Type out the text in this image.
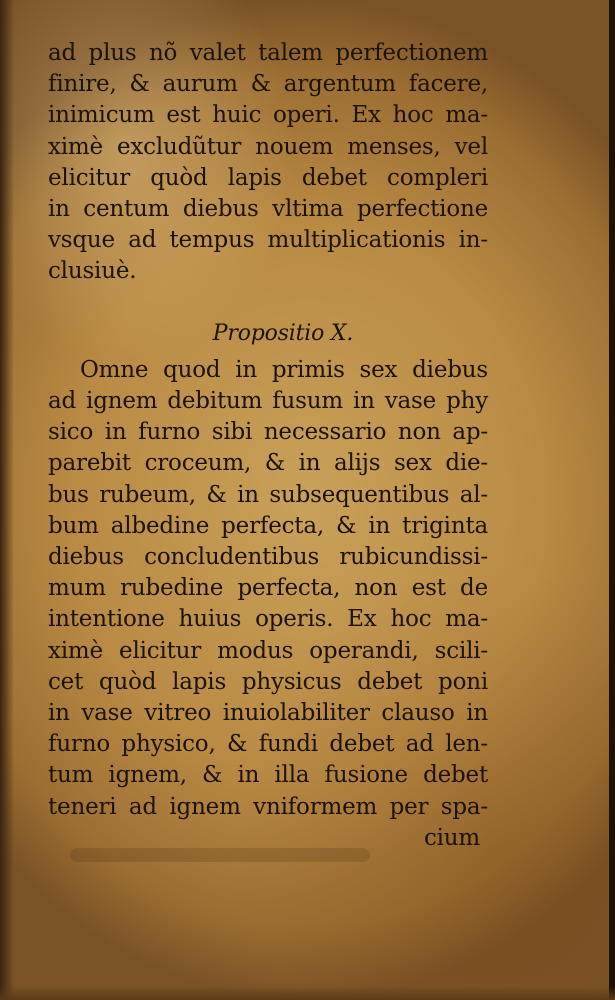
ad plus nõ valet talem perfectionem
finire, & aurum & argentum facere,
inimicum est huic operi. Ex hoc ma-
ximè excludũtur nouem menses, vel
elicitur quòd lapis debet compleri
in centum diebus vltima perfectione
vsque ad tempus multiplicationis in-
clusiuè.
Propositio X.
Omne quod in primis sex diebus
ad ignem debitum fusum in vase phy
sico in furno sibi necessario non ap-
parebit croceum, & in alijs sex die-
bus rubeum, & in subsequentibus al-
bum albedine perfecta, & in triginta
diebus concludentibus rubicundissi-
mum rubedine perfecta, non est de
intentione huius operis. Ex hoc ma-
ximè elicitur modus operandi, scili-
cet quòd lapis physicus debet poni
in vase vitreo inuiolabiliter clauso in
furno physico, & fundi debet ad len-
tum ignem, & in illa fusione debet
teneri ad ignem vniformem per spa-
cium
